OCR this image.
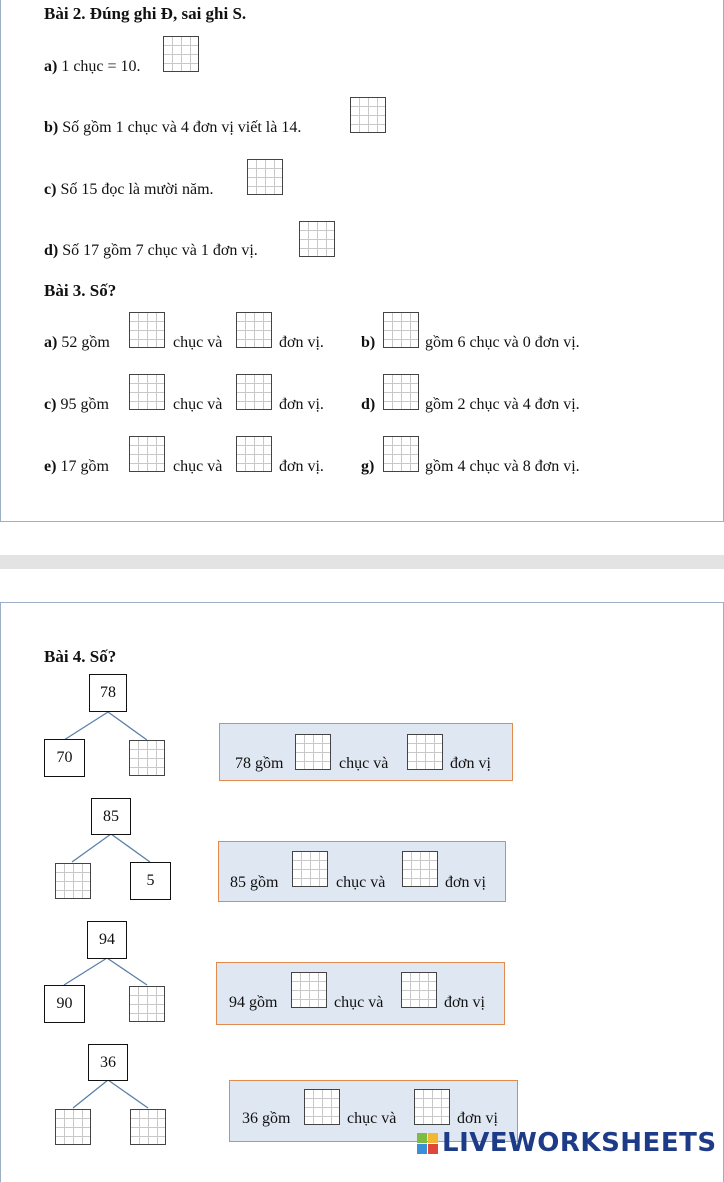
Bài 2. Đúng ghi Đ, sai ghi S.
a) 1 chục = 10.
b) Số gồm 1 chục và 4 đơn vị viết là 14.
c) Số 15 đọc là mười năm.
d) Số 17 gồm 7 chục và 1 đơn vị.
Bài 3. Số?
a) 52 gồm	chục và	đơn vị. b)	gồm 6 chục và 0 đơn vị.
c) 95 gồm	chục và	đơn vị. d)	gồm 2 chục và 4 đơn vị.
e) 17 gồm	chục và	đơn vị. g)	gồm 4 chục và 8 đơn vị.
Bài 4. Số?
78
70	78 gồm	chục và	đơn vị
85
5	85 gồm	chục và	đơn vị
94
90	94 gồm	chục và	đơn vị
36
36 gồm	chục và	đơn vị
LIVEWORKSHEETS
